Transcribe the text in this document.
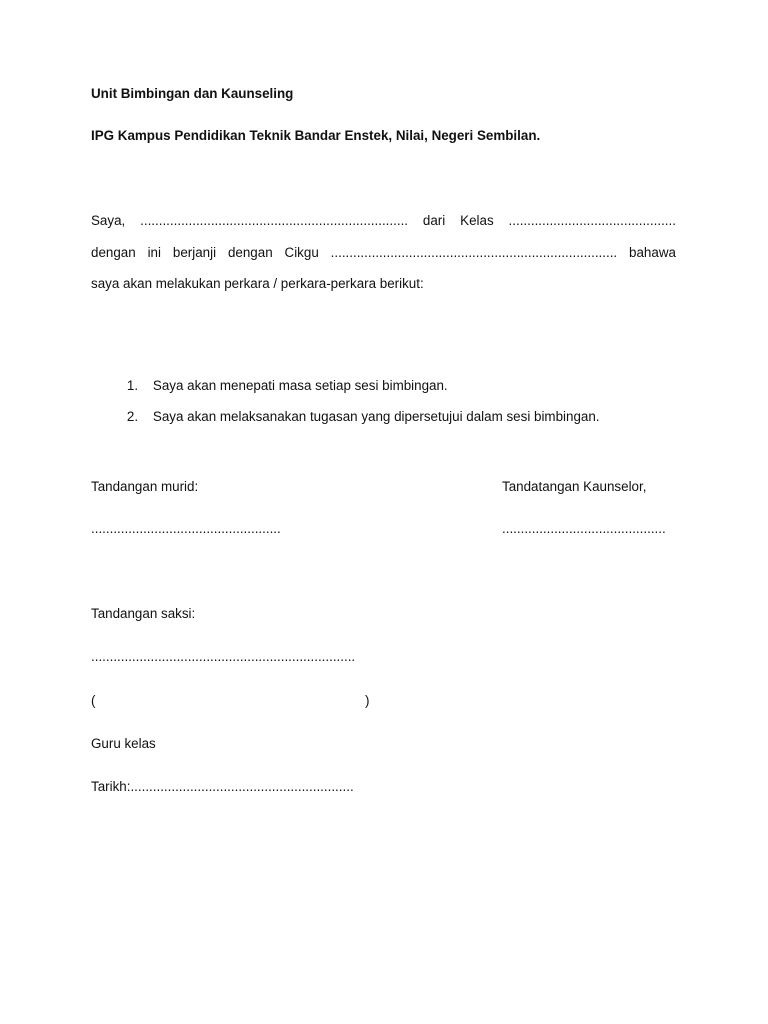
Unit Bimbingan dan Kaunseling
IPG Kampus Pendidikan Teknik Bandar Enstek, Nilai, Negeri Sembilan.
Saya, ........................................................................ dari Kelas .............................................
dengan ini berjanji dengan Cikgu ............................................................................. bahawa
saya akan melakukan perkara / perkara-perkara berikut:

1. Saya akan menepati masa setiap sesi bimbingan.

2. Saya akan melaksanakan tugasan yang dipersetujui dalam sesi bimbingan.

Tandangan murid:	Tandatangan Kaunselor,
...................................................	............................................
Tandangan saksi:
.......................................................................
(	)
Guru kelas
Tarikh:............................................................
